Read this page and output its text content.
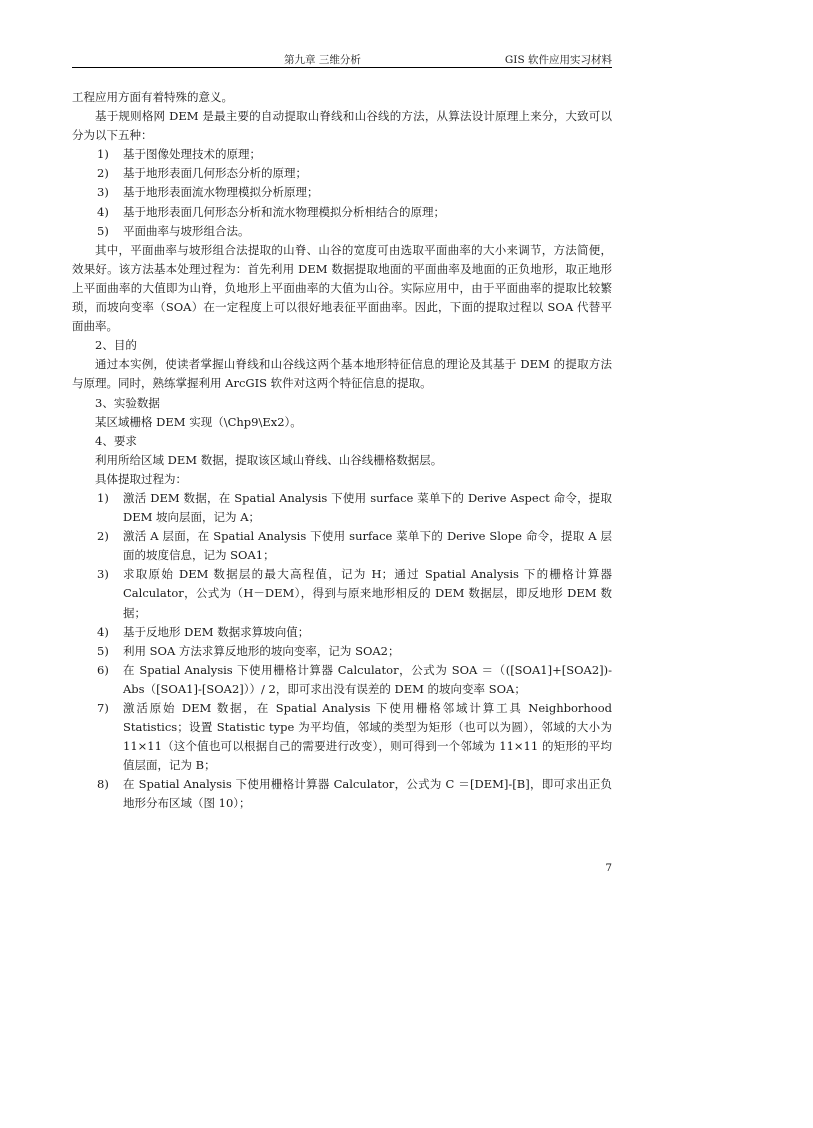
第九章 三维分析	GIS 软件应用实习材料

工程应用方面有着特殊的意义。

基于规则格网 DEM 是最主要的自动提取山脊线和山谷线的方法，从算法设计原理上来分，大致可以分为以下五种：

1) 基于图像处理技术的原理；
2) 基于地形表面几何形态分析的原理；
3) 基于地形表面流水物理模拟分析原理；
4) 基于地形表面几何形态分析和流水物理模拟分析相结合的原理；
5) 平面曲率与坡形组合法。

其中，平面曲率与坡形组合法提取的山脊、山谷的宽度可由选取平面曲率的大小来调节，方法简便，效果好。该方法基本处理过程为：首先利用 DEM 数据提取地面的平面曲率及地面的正负地形，取正地形上平面曲率的大值即为山脊，负地形上平面曲率的大值为山谷。实际应用中，由于平面曲率的提取比较繁琐，而坡向变率（SOA）在一定程度上可以很好地表征平面曲率。因此，下面的提取过程以 SOA 代替平面曲率。

2、目的

通过本实例，使读者掌握山脊线和山谷线这两个基本地形特征信息的理论及其基于 DEM 的提取方法与原理。同时，熟练掌握利用 ArcGIS 软件对这两个特征信息的提取。

3、实验数据

某区域栅格 DEM 实现（\Chp9\Ex2）。

4、要求

利用所给区域 DEM 数据，提取该区域山脊线、山谷线栅格数据层。

具体提取过程为：

1) 激活 DEM 数据，在 Spatial Analysis 下使用 surface 菜单下的 Derive Aspect 命令，提取 DEM 坡向层面，记为 A；
2) 激活 A 层面，在 Spatial Analysis 下使用 surface 菜单下的 Derive Slope 命令，提取 A 层面的坡度信息，记为 SOA1；
3) 求取原始 DEM 数据层的最大高程值，记为 H；通过 Spatial Analysis 下的栅格计算器 Calculator，公式为（H－DEM），得到与原来地形相反的 DEM 数据层，即反地形 DEM 数据；
4) 基于反地形 DEM 数据求算坡向值；
5) 利用 SOA 方法求算反地形的坡向变率，记为 SOA2；
6) 在 Spatial Analysis 下使用栅格计算器 Calculator，公式为 SOA ＝（([SOA1]+[SOA2])-Abs（[SOA1]-[SOA2]））/ 2，即可求出没有误差的 DEM 的坡向变率 SOA；
7) 激活原始 DEM 数据，在 Spatial Analysis 下使用栅格邻域计算工具 Neighborhood Statistics；设置 Statistic type 为平均值，邻域的类型为矩形（也可以为圆），邻域的大小为 11×11（这个值也可以根据自己的需要进行改变），则可得到一个邻域为 11×11 的矩形的平均值层面，记为 B；
8) 在 Spatial Analysis 下使用栅格计算器 Calculator，公式为 C ＝[DEM]-[B]，即可求出正负地形分布区域（图 10）；
7
